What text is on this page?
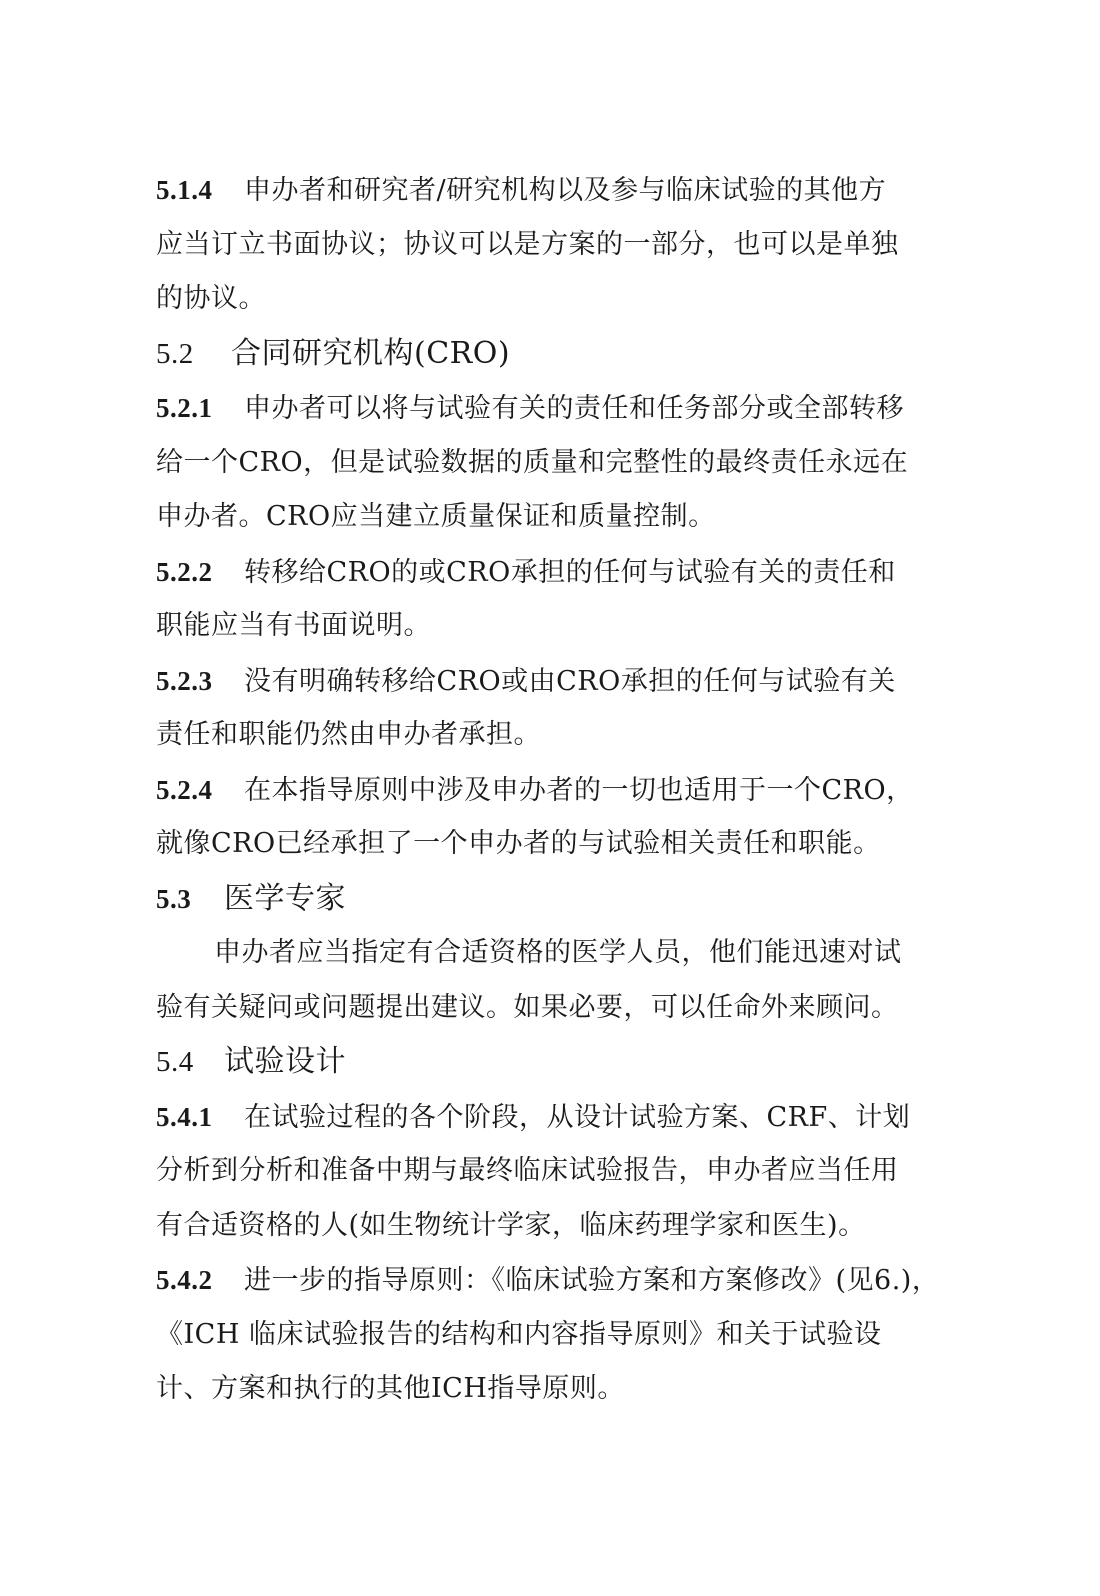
5.1.4 申办者和研究者/研究机构以及参与临床试验的其他方
应当订立书面协议；协议可以是方案的一部分，也可以是单独
的协议。
5.2 合同研究机构(CRO)
5.2.1 申办者可以将与试验有关的责任和任务部分或全部转移
给一个CRO，但是试验数据的质量和完整性的最终责任永远在
申办者。CRO应当建立质量保证和质量控制。
5.2.2 转移给CRO的或CRO承担的任何与试验有关的责任和
职能应当有书面说明。
5.2.3 没有明确转移给CRO或由CRO承担的任何与试验有关
责任和职能仍然由申办者承担。
5.2.4 在本指导原则中涉及申办者的一切也适用于一个CRO，
就像CRO已经承担了一个申办者的与试验相关责任和职能。
5.3 医学专家
申办者应当指定有合适资格的医学人员，他们能迅速对试
验有关疑问或问题提出建议。如果必要，可以任命外来顾问。
5.4 试验设计
5.4.1 在试验过程的各个阶段，从设计试验方案、CRF、计划
分析到分析和准备中期与最终临床试验报告，申办者应当任用
有合适资格的人(如生物统计学家，临床药理学家和医生)。
5.4.2 进一步的指导原则：《临床试验方案和方案修改》(见6.)，
《ICH 临床试验报告的结构和内容指导原则》和关于试验设
计、方案和执行的其他ICH指导原则。
